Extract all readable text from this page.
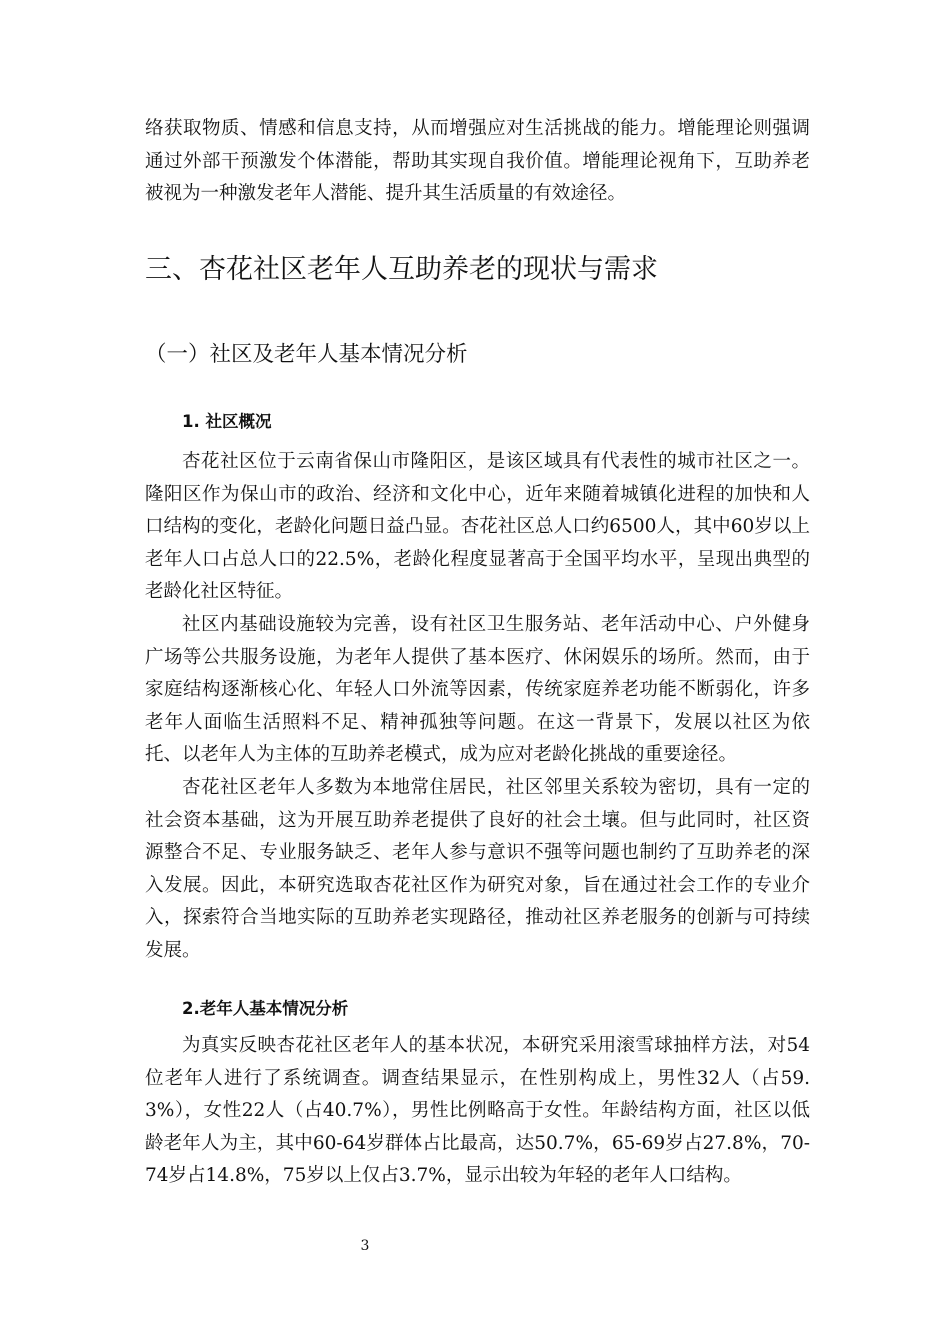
络获取物质、情感和信息支持，从而增强应对生活挑战的能力。增能理论则强调通过外部干预激发个体潜能，帮助其实现自我价值。增能理论视角下，互助养老被视为一种激发老年人潜能、提升其生活质量的有效途径。

三、杏花社区老年人互助养老的现状与需求
（一）社区及老年人基本情况分析
1. 社区概况

杏花社区位于云南省保山市隆阳区，是该区域具有代表性的城市社区之一。隆阳区作为保山市的政治、经济和文化中心，近年来随着城镇化进程的加快和人口结构的变化，老龄化问题日益凸显。杏花社区总人口约6500人，其中60岁以上老年人口占总人口的22.5%，老龄化程度显著高于全国平均水平，呈现出典型的老龄化社区特征。

社区内基础设施较为完善，设有社区卫生服务站、老年活动中心、户外健身广场等公共服务设施，为老年人提供了基本医疗、休闲娱乐的场所。然而，由于家庭结构逐渐核心化、年轻人口外流等因素，传统家庭养老功能不断弱化，许多老年人面临生活照料不足、精神孤独等问题。在这一背景下，发展以社区为依托、以老年人为主体的互助养老模式，成为应对老龄化挑战的重要途径。

杏花社区老年人多数为本地常住居民，社区邻里关系较为密切，具有一定的社会资本基础，这为开展互助养老提供了良好的社会土壤。但与此同时，社区资源整合不足、专业服务缺乏、老年人参与意识不强等问题也制约了互助养老的深入发展。因此，本研究选取杏花社区作为研究对象，旨在通过社会工作的专业介入，探索符合当地实际的互助养老实现路径，推动社区养老服务的创新与可持续发展。

2.老年人基本情况分析

为真实反映杏花社区老年人的基本状况，本研究采用滚雪球抽样方法，对54位老年人进行了系统调查。调查结果显示，在性别构成上，男性32人（占59.3%），女性22人（占40.7%），男性比例略高于女性。年龄结构方面，社区以低龄老年人为主，其中60-64岁群体占比最高，达50.7%，65-69岁占27.8%，70-74岁占14.8%，75岁以上仅占3.7%，显示出较为年轻的老年人口结构。

3
